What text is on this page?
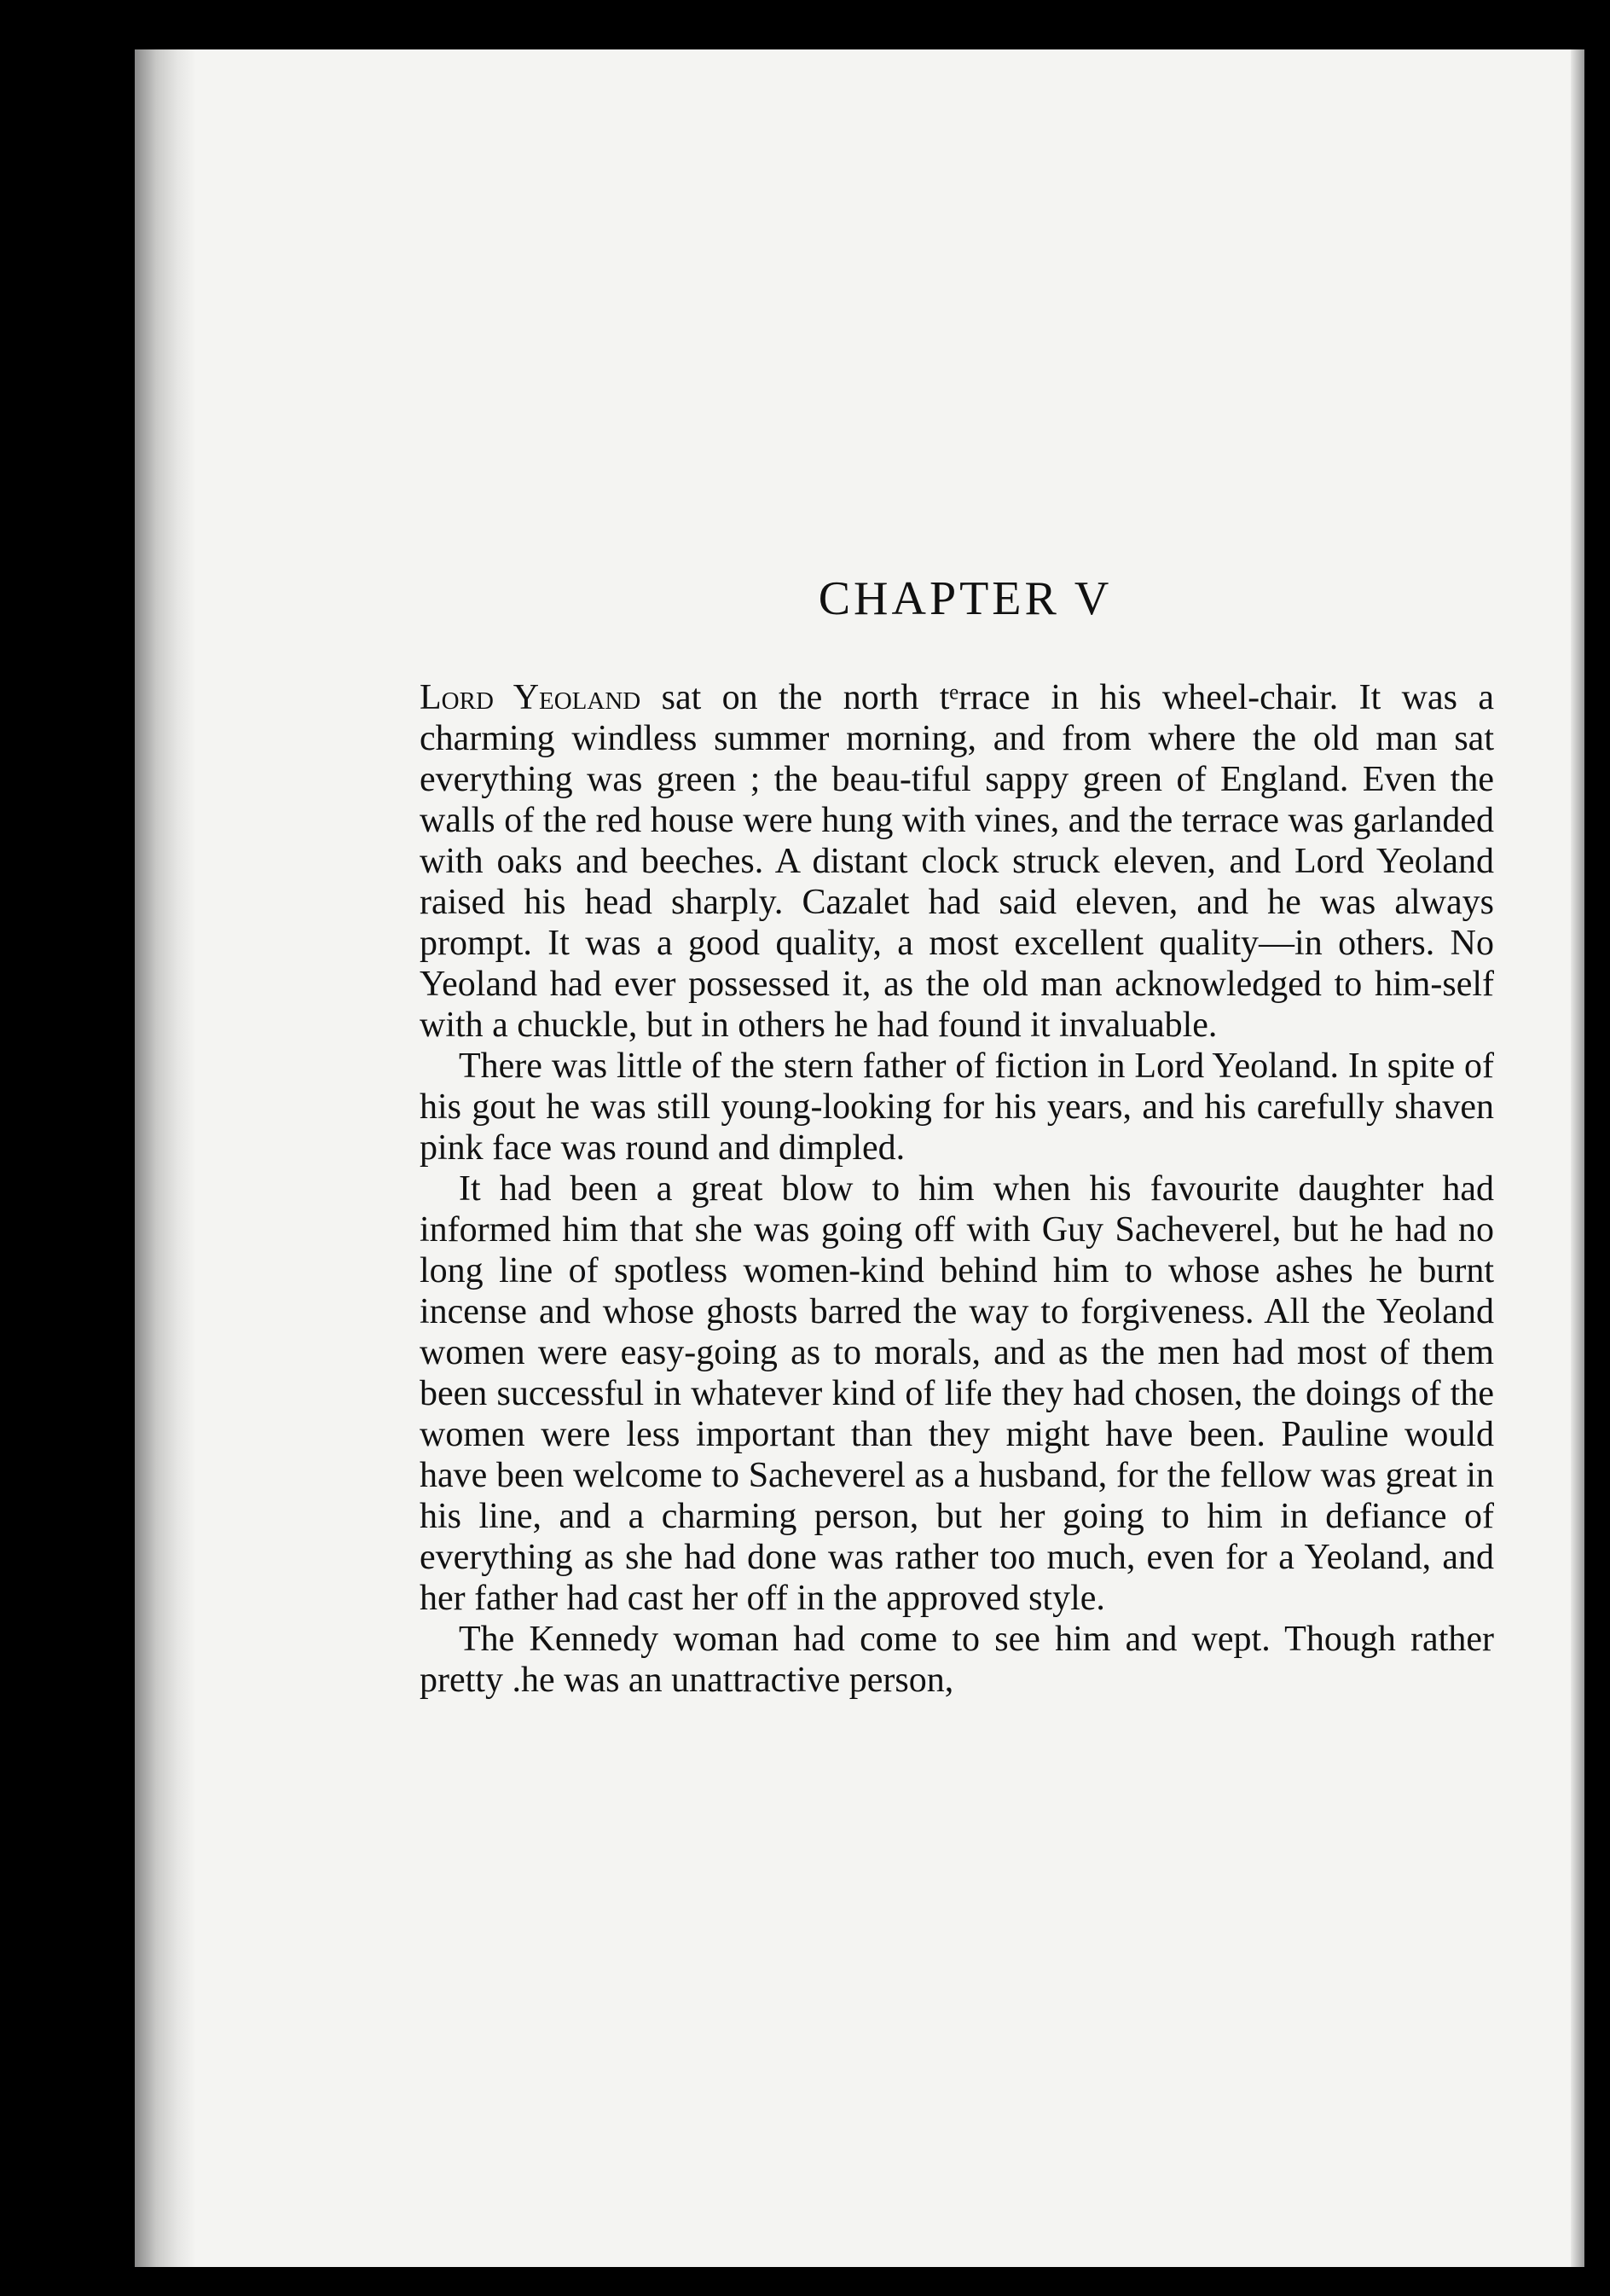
CHAPTER V

Lord Yeoland sat on the north tᵉrrace in his wheel-chair. It was a charming windless summer morning, and from where the old man sat everything was green ; the beau-tiful sappy green of England. Even the walls of the red house were hung with vines, and the terrace was garlanded with oaks and beeches. A distant clock struck eleven, and Lord Yeoland raised his head sharply. Cazalet had said eleven, and he was always prompt. It was a good quality, a most excellent quality—in others. No Yeoland had ever possessed it, as the old man acknowledged to him-self with a chuckle, but in others he had found it invaluable.

There was little of the stern father of fiction in Lord Yeoland. In spite of his gout he was still young-looking for his years, and his carefully shaven pink face was round and dimpled.

It had been a great blow to him when his favourite daughter had informed him that she was going off with Guy Sacheverel, but he had no long line of spotless women-kind behind him to whose ashes he burnt incense and whose ghosts barred the way to forgiveness. All the Yeoland women were easy-going as to morals, and as the men had most of them been successful in whatever kind of life they had chosen, the doings of the women were less important than they might have been. Pauline would have been welcome to Sacheverel as a husband, for the fellow was great in his line, and a charming person, but her going to him in defiance of everything as she had done was rather too much, even for a Yeoland, and her father had cast her off in the approved style.

The Kennedy woman had come to see him and wept. Though rather pretty .he was an unattractive person,
